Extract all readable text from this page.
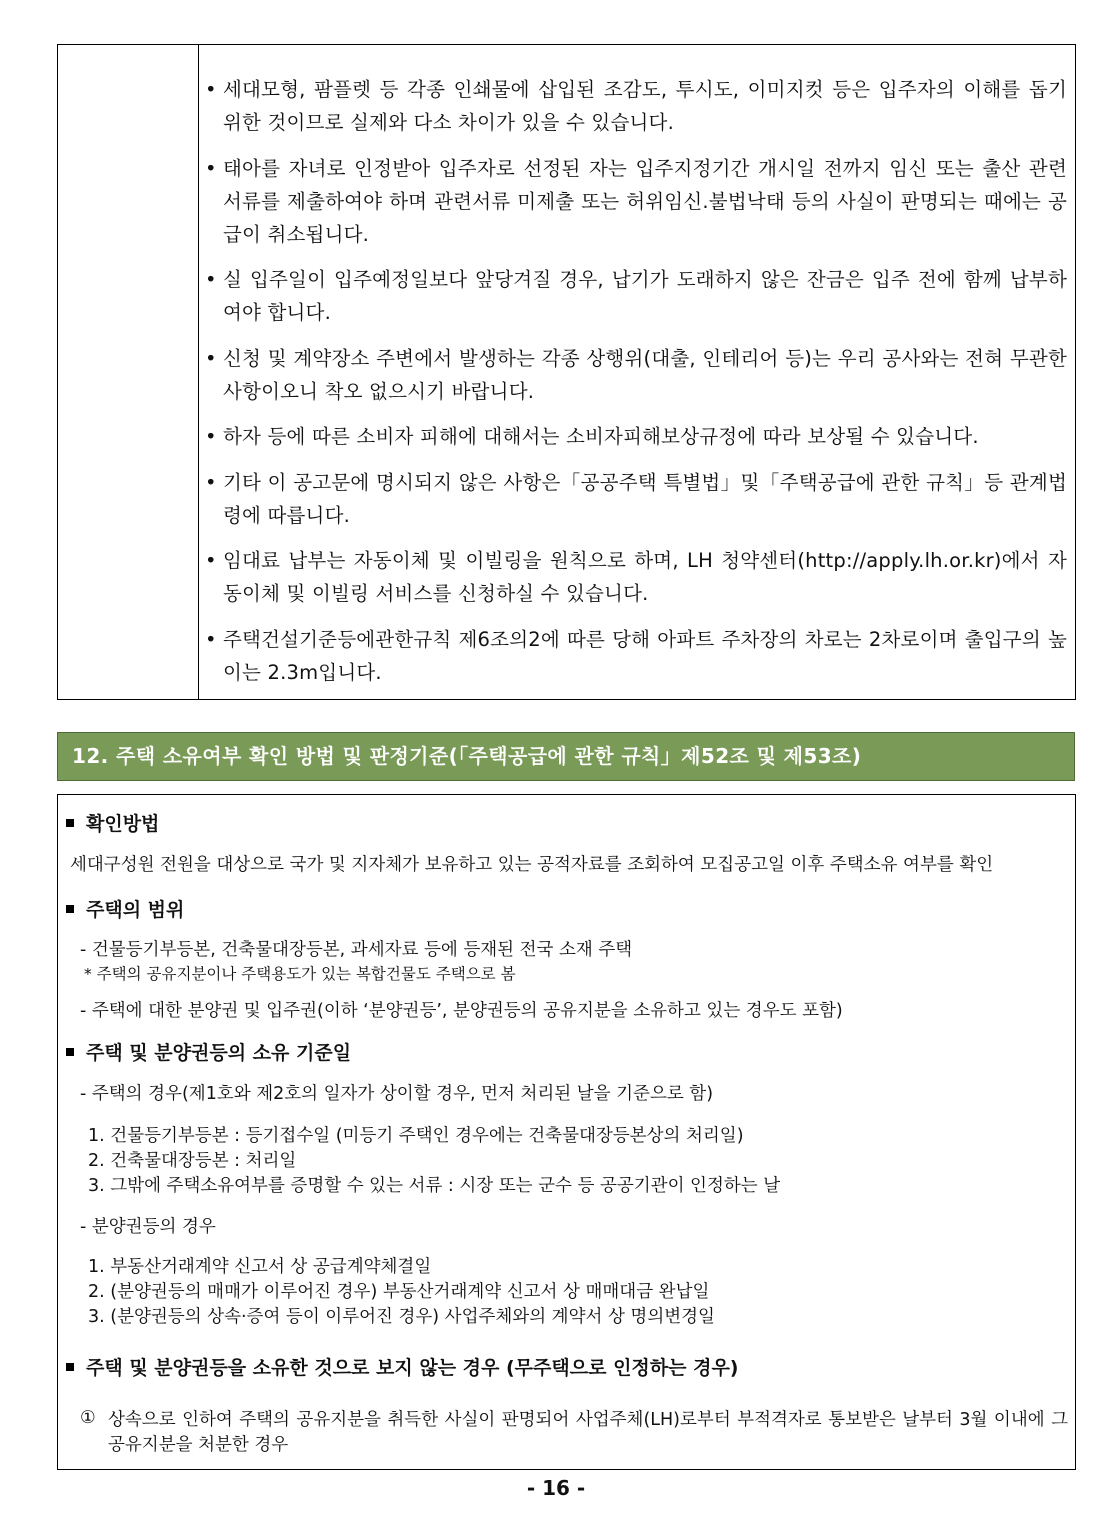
• 세대모형, 팜플렛 등 각종 인쇄물에 삽입된 조감도, 투시도, 이미지컷 등은 입주자의 이해를 돕기 위한 것이므로 실제와 다소 차이가 있을 수 있습니다.
• 태아를 자녀로 인정받아 입주자로 선정된 자는 입주지정기간 개시일 전까지 임신 또는 출산 관련 서류를 제출하여야 하며 관련서류 미제출 또는 허위임신.불법낙태 등의 사실이 판명되는 때에는 공급이 취소됩니다.
• 실 입주일이 입주예정일보다 앞당겨질 경우, 납기가 도래하지 않은 잔금은 입주 전에 함께 납부하여야 합니다.
• 신청 및 계약장소 주변에서 발생하는 각종 상행위(대출, 인테리어 등)는 우리 공사와는 전혀 무관한 사항이오니 착오 없으시기 바랍니다.
• 하자 등에 따른 소비자 피해에 대해서는 소비자피해보상규정에 따라 보상될 수 있습니다.
• 기타 이 공고문에 명시되지 않은 사항은「공공주택 특별법」및「주택공급에 관한 규칙」등 관계법령에 따릅니다.
• 임대료 납부는 자동이체 및 이빌링을 원칙으로 하며, LH 청약센터(http://apply.lh.or.kr)에서 자동이체 및 이빌링 서비스를 신청하실 수 있습니다.
• 주택건설기준등에관한규칙 제6조의2에 따른 당해 아파트 주차장의 차로는 2차로이며 출입구의 높이는 2.3m입니다.
12. 주택 소유여부 확인 방법 및 판정기준(「주택공급에 관한 규칙」제52조 및 제53조)
확인방법
세대구성원 전원을 대상으로 국가 및 지자체가 보유하고 있는 공적자료를 조회하여 모집공고일 이후 주택소유 여부를 확인
주택의 범위
- 건물등기부등본, 건축물대장등본, 과세자료 등에 등재된 전국 소재 주택
* 주택의 공유지분이나 주택용도가 있는 복합건물도 주택으로 봄
- 주택에 대한 분양권 및 입주권(이하 ‘분양권등’, 분양권등의 공유지분을 소유하고 있는 경우도 포함)
주택 및 분양권등의 소유 기준일
- 주택의 경우(제1호와 제2호의 일자가 상이할 경우, 먼저 처리된 날을 기준으로 함)
1. 건물등기부등본 : 등기접수일 (미등기 주택인 경우에는 건축물대장등본상의 처리일)
2. 건축물대장등본 : 처리일
3. 그밖에 주택소유여부를 증명할 수 있는 서류 : 시장 또는 군수 등 공공기관이 인정하는 날
- 분양권등의 경우
1. 부동산거래계약 신고서 상 공급계약체결일
2. (분양권등의 매매가 이루어진 경우) 부동산거래계약 신고서 상 매매대금 완납일
3. (분양권등의 상속·증여 등이 이루어진 경우) 사업주체와의 계약서 상 명의변경일
주택 및 분양권등을 소유한 것으로 보지 않는 경우 (무주택으로 인정하는 경우)
① 상속으로 인하여 주택의 공유지분을 취득한 사실이 판명되어 사업주체(LH)로부터 부적격자로 통보받은 날부터 3월 이내에 그 공유지분을 처분한 경우
- 16 -
